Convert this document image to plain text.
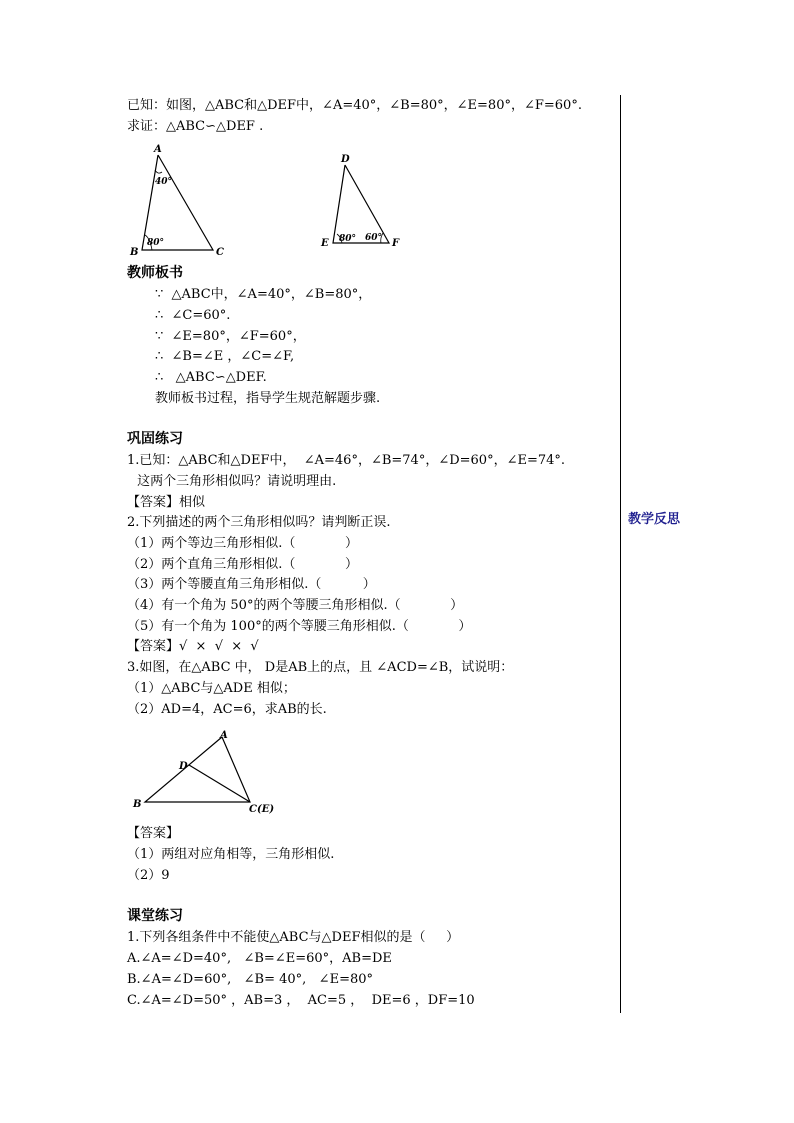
教学反思
已知：如图，△ABC和△DEF中，∠A=40°，∠B=80°，∠E=80°，∠F=60°.
求证：△ABC∽△DEF .
A
B	C
40°
80°
D
E	F
80° 60°
A
B
D
C(E)
教师板书
∵  △ABC中，∠A=40°，∠B=80°，
∴  ∠C=60°.
∵  ∠E=80°，∠F=60°，
∴  ∠B=∠E ，∠C=∠F,
∴   △ABC∽△DEF.
教师板书过程，指导学生规范解题步骤.
巩固练习
1.已知：△ABC和△DEF中，  ∠A=46°，∠B=74°，∠D=60°，∠E=74°.
这两个三角形相似吗？请说明理由.
【答案】相似
2.下列描述的两个三角形相似吗？请判断正误.
（1）两个等边三角形相似.（            ）
（2）两个直角三角形相似.（            ）
（3）两个等腰直角三角形相似.（          ）
（4）有一个角为 50°的两个等腰三角形相似.（            ）
（5）有一个角为 100°的两个等腰三角形相似.（            ）
【答案】√  ×  √  ×  √
3.如图，在△ABC 中， D是AB上的点，且 ∠ACD=∠B，试说明：
（1）△ABC与△ADE 相似；
（2）AD=4，AC=6，求AB的长.
【答案】
（1）两组对应角相等，三角形相似.
（2）9
课堂练习
1.下列各组条件中不能使△ABC与△DEF相似的是（     ）
A.∠A=∠D=40°,   ∠B=∠E=60°，AB=DE
B.∠A=∠D=60°,   ∠B= 40°,   ∠E=80°
C.∠A=∠D=50° ，AB=3 ，  AC=5 ，  DE=6 ，DF=10
